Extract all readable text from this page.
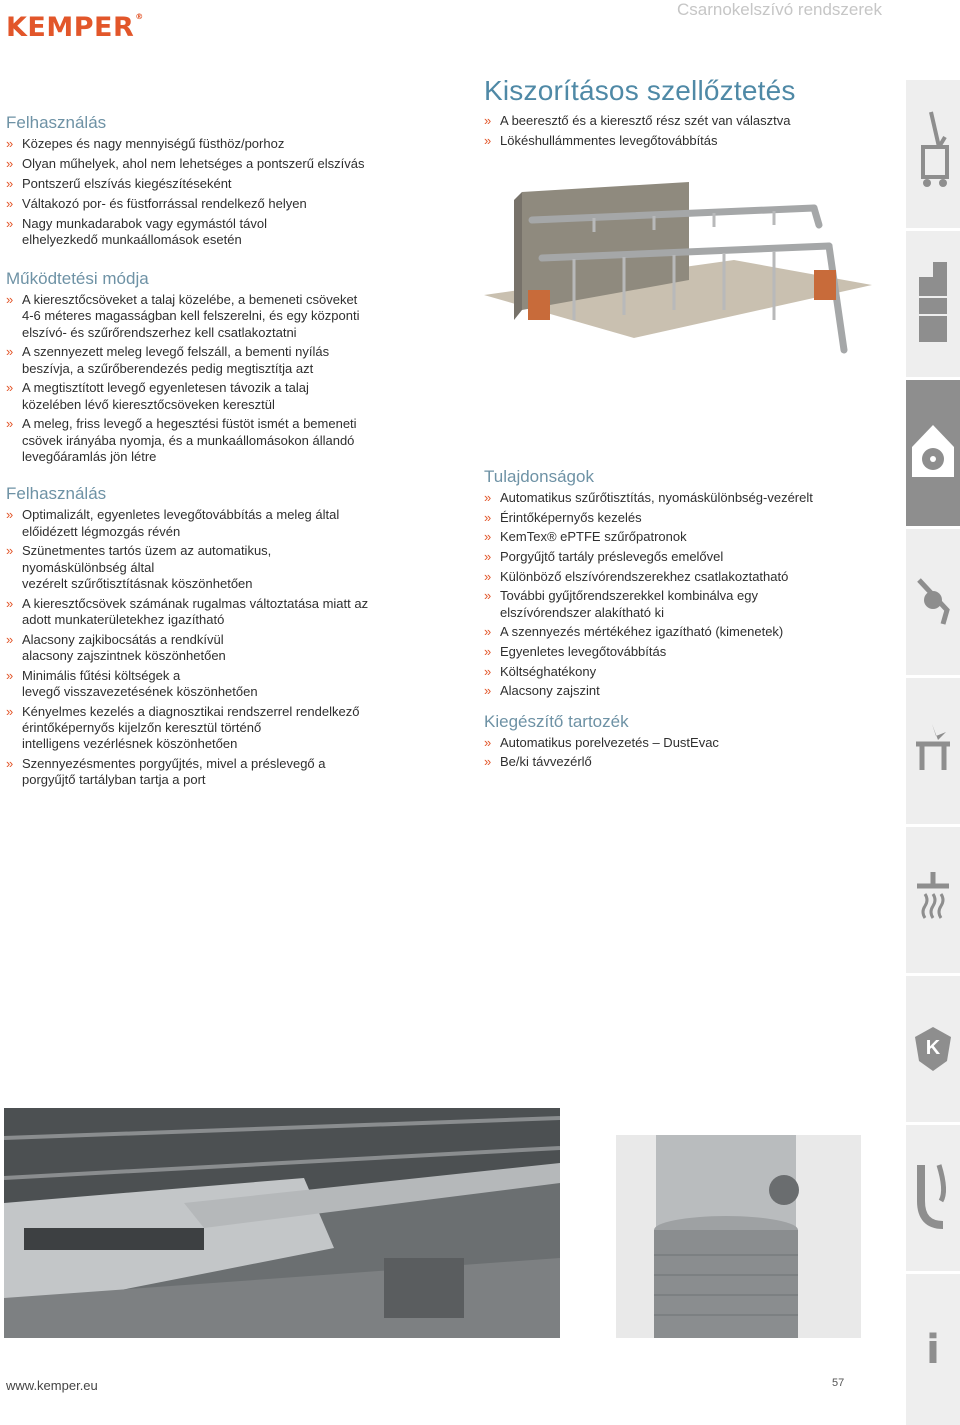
KEMPER®	Csarnokelszívó rendszerek
Felhasználás
» Közepes és nagy mennyiségű füsthöz/porhoz
» Olyan műhelyek, ahol nem lehetséges a pontszerű elszívás
» Pontszerű elszívás kiegészítéseként
» Váltakozó por- és füstforrással rendelkező helyen
» Nagy munkadarabok vagy egymástól távol
elhelyezkedő munkaállomások esetén
Működtetési módja
» A kieresztőcsöveket a talaj közelébe, a bemeneti csöveket
4-6 méteres magasságban kell felszerelni, és egy központi
elszívó- és szűrőrendszerhez kell csatlakoztatni
» A szennyezett meleg levegő felszáll, a bementi nyílás
beszívja, a szűrőberendezés pedig megtisztítja azt
» A megtisztított levegő egyenletesen távozik a talaj
közelében lévő kieresztőcsöveken keresztül
» A meleg, friss levegő a hegesztési füstöt ismét a bemeneti
csövek irányába nyomja, és a munkaállomásokon állandó
levegőáramlás jön létre
Felhasználás
» Optimalizált, egyenletes levegőtovábbítás a meleg által
előidézett légmozgás révén
» Szünetmentes tartós üzem az automatikus,
nyomáskülönbség által
vezérelt szűrőtisztításnak köszönhetően
» A kieresztőcsövek számának rugalmas változtatása miatt az
adott munkaterületekhez igazítható
» Alacsony zajkibocsátás a rendkívül
alacsony zajszintnek köszönhetően
» Minimális fűtési költségek a
levegő visszavezetésének köszönhetően
» Kényelmes kezelés a diagnosztikai rendszerrel rendelkező
érintőképernyős kijelzőn keresztül történő
intelligens vezérlésnek köszönhetően
» Szennyezésmentes porgyűjtés, mivel a préslevegő a
porgyűjtő tartályban tartja a port
Kiszorításos szellőztetés
» A beeresztő és a kieresztő rész szét van választva
» Lökéshullámmentes levegőtovábbítás
Tulajdonságok
» Automatikus szűrőtisztítás, nyomáskülönbség-vezérelt
» Érintőképernyős kezelés
» KemTex® ePTFE szűrőpatronok
» Porgyűjtő tartály préslevegős emelővel
» Különböző elszívórendszerekhez csatlakoztatható
» További gyűjtőrendszerekkel kombinálva egy
elszívórendszer alakítható ki
» A szennyezés mértékéhez igazítható (kimenetek)
» Egyenletes levegőtovábbítás
» Költséghatékony
» Alacsony zajszint
Kiegészítő tartozék
» Automatikus porelvezetés – DustEvac
» Be/ki távvezérlő
K
i
www.kemper.eu	57
